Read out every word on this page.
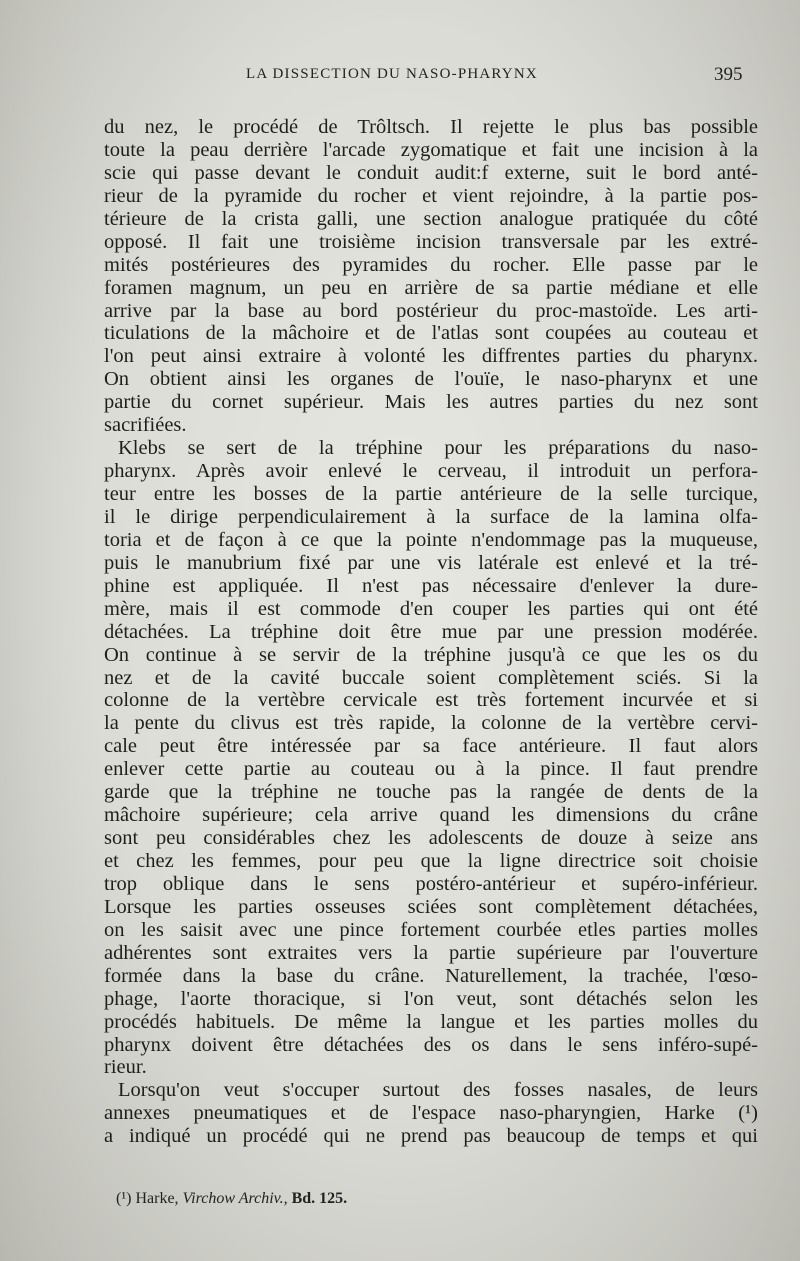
LA DISSECTION DU NASO-PHARYNX	395
du nez, le procédé de Trôltsch. Il rejette le plus bas possible
toute la peau derrière l'arcade zygomatique et fait une incision à la
scie qui passe devant le conduit audit:f externe, suit le bord anté-
rieur de la pyramide du rocher et vient rejoindre, à la partie pos-
térieure de la crista galli, une section analogue pratiquée du côté
opposé. Il fait une troisième incision transversale par les extré-
mités postérieures des pyramides du rocher. Elle passe par le
foramen magnum, un peu en arrière de sa partie médiane et elle
arrive par la base au bord postérieur du proc-mastoïde. Les arti-
ticulations de la mâchoire et de l'atlas sont coupées au couteau et
l'on peut ainsi extraire à volonté les diffrentes parties du pharynx.
On obtient ainsi les organes de l'ouïe, le naso-pharynx et une
partie du cornet supérieur. Mais les autres parties du nez sont
sacrifiées.
Klebs se sert de la tréphine pour les préparations du naso-
pharynx. Après avoir enlevé le cerveau, il introduit un perfora-
teur entre les bosses de la partie antérieure de la selle turcique,
il le dirige perpendiculairement à la surface de la lamina olfa-
toria et de façon à ce que la pointe n'endommage pas la muqueuse,
puis le manubrium fixé par une vis latérale est enlevé et la tré-
phine est appliquée. Il n'est pas nécessaire d'enlever la dure-
mère, mais il est commode d'en couper les parties qui ont été
détachées. La tréphine doit être mue par une pression modérée.
On continue à se servir de la tréphine jusqu'à ce que les os du
nez et de la cavité buccale soient complètement sciés. Si la
colonne de la vertèbre cervicale est très fortement incurvée et si
la pente du clivus est très rapide, la colonne de la vertèbre cervi-
cale peut être intéressée par sa face antérieure. Il faut alors
enlever cette partie au couteau ou à la pince. Il faut prendre
garde que la tréphine ne touche pas la rangée de dents de la
mâchoire supérieure; cela arrive quand les dimensions du crâne
sont peu considérables chez les adolescents de douze à seize ans
et chez les femmes, pour peu que la ligne directrice soit choisie
trop oblique dans le sens postéro-antérieur et supéro-inférieur.
Lorsque les parties osseuses sciées sont complètement détachées,
on les saisit avec une pince fortement courbée etles parties molles
adhérentes sont extraites vers la partie supérieure par l'ouverture
formée dans la base du crâne. Naturellement, la trachée, l'œso-
phage, l'aorte thoracique, si l'on veut, sont détachés selon les
procédés habituels. De même la langue et les parties molles du
pharynx doivent être détachées des os dans le sens inféro-supé-
rieur.
Lorsqu'on veut s'occuper surtout des fosses nasales, de leurs
annexes pneumatiques et de l'espace naso-pharyngien, Harke (¹)
a indiqué un procédé qui ne prend pas beaucoup de temps et qui
(¹) Harke, Virchow Archiv., Bd. 125.
